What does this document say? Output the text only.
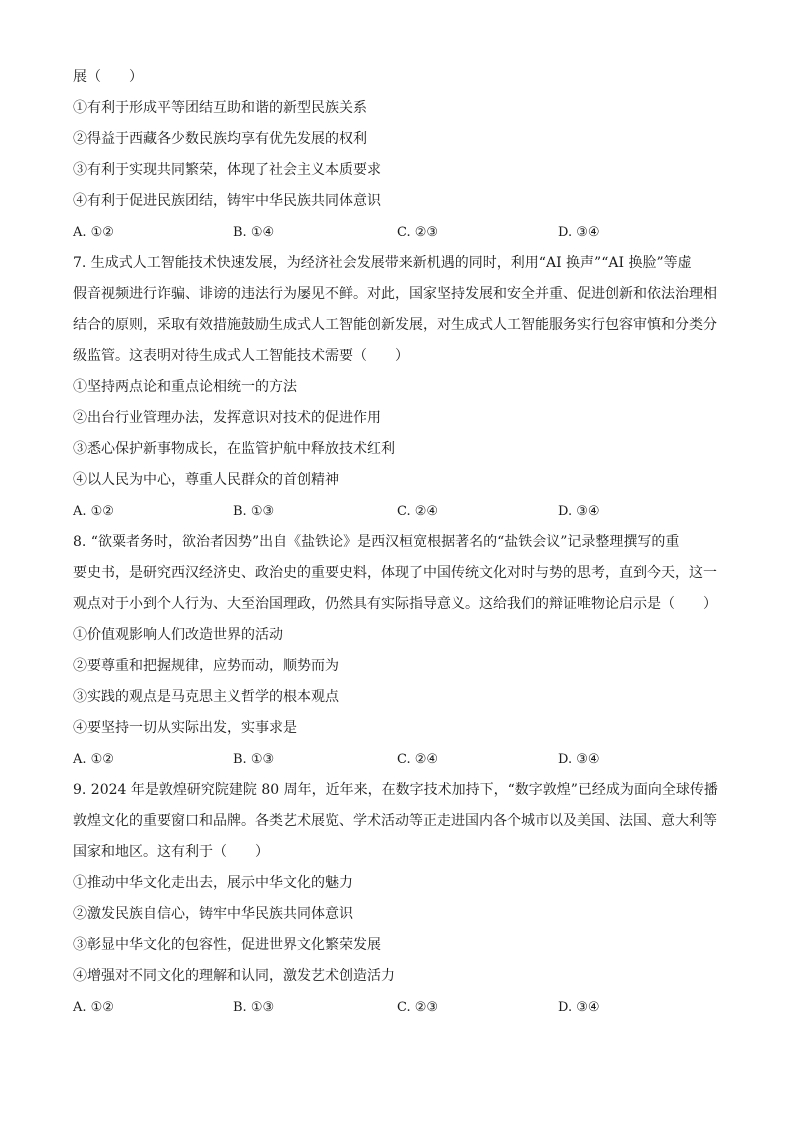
展（　　）
①有利于形成平等团结互助和谐的新型民族关系
②得益于西藏各少数民族均享有优先发展的权利
③有利于实现共同繁荣，体现了社会主义本质要求
④有利于促进民族团结，铸牢中华民族共同体意识
A. ①②	B. ①④	C. ②③	D. ③④
7. 生成式人工智能技术快速发展，为经济社会发展带来新机遇的同时，利用“AI 换声”“AI 换脸”等虚
假音视频进行诈骗、诽谤的违法行为屡见不鲜。对此，国家坚持发展和安全并重、促进创新和依法治理相
结合的原则，采取有效措施鼓励生成式人工智能创新发展，对生成式人工智能服务实行包容审慎和分类分
级监管。这表明对待生成式人工智能技术需要（　　）
①坚持两点论和重点论相统一的方法
②出台行业管理办法，发挥意识对技术的促进作用
③悉心保护新事物成长，在监管护航中释放技术红利
④以人民为中心，尊重人民群众的首创精神
A. ①②	B. ①③	C. ②④	D. ③④
8. “欲粟者务时，欲治者因势”出自《盐铁论》是西汉桓宽根据著名的“盐铁会议”记录整理撰写的重
要史书，是研究西汉经济史、政治史的重要史料，体现了中国传统文化对时与势的思考，直到今天，这一
观点对于小到个人行为、大至治国理政，仍然具有实际指导意义。这给我们的辩证唯物论启示是（　　）
①价值观影响人们改造世界的活动
②要尊重和把握规律，应势而动，顺势而为
③实践的观点是马克思主义哲学的根本观点
④要坚持一切从实际出发，实事求是
A. ①②	B. ①③	C. ②④	D. ③④
9. 2024 年是敦煌研究院建院 80 周年，近年来，在数字技术加持下，“数字敦煌”已经成为面向全球传播
敦煌文化的重要窗口和品牌。各类艺术展览、学术活动等正走进国内各个城市以及美国、法国、意大利等
国家和地区。这有利于（　　）
①推动中华文化走出去，展示中华文化的魅力
②激发民族自信心，铸牢中华民族共同体意识
③彰显中华文化的包容性，促进世界文化繁荣发展
④增强对不同文化的理解和认同，激发艺术创造活力
A. ①②	B. ①③	C. ②③	D. ③④
